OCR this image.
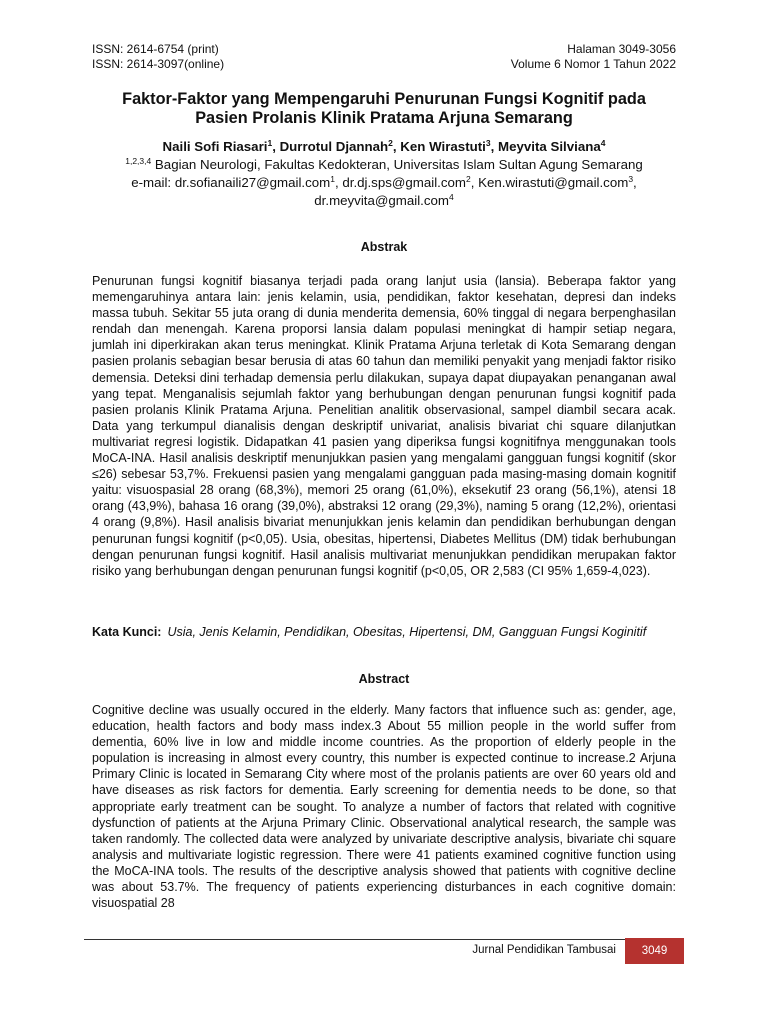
ISSN: 2614-6754 (print)
ISSN: 2614-3097(online)
Halaman 3049-3056
Volume 6 Nomor 1 Tahun 2022
Faktor-Faktor yang Mempengaruhi Penurunan Fungsi Kognitif pada
Pasien Prolanis Klinik Pratama Arjuna Semarang
Naili Sofi Riasari$^1$, Durrotul Djannah$^2$, Ken Wirastuti$^3$, Meyvita Silviana$^4$
$^{1,2,3,4}$ Bagian Neurologi, Fakultas Kedokteran, Universitas Islam Sultan Agung Semarang
e-mail: dr.sofianaili27@gmail.com$^1$, dr.dj.sps@gmail.com$^2$, Ken.wirastuti@gmail.com$^3$, dr.meyvita@gmail.com$^4$
Abstrak
Penurunan fungsi kognitif biasanya terjadi pada orang lanjut usia (lansia). Beberapa faktor yang memengaruhinya antara lain: jenis kelamin, usia, pendidikan, faktor kesehatan, depresi dan indeks massa tubuh. Sekitar 55 juta orang di dunia menderita demensia, 60% tinggal di negara berpenghasilan rendah dan menengah. Karena proporsi lansia dalam populasi meningkat di hampir setiap negara, jumlah ini diperkirakan akan terus meningkat. Klinik Pratama Arjuna terletak di Kota Semarang dengan pasien prolanis sebagian besar berusia di atas 60 tahun dan memiliki penyakit yang menjadi faktor risiko demensia. Deteksi dini terhadap demensia perlu dilakukan, supaya dapat diupayakan penanganan awal yang tepat. Menganalisis sejumlah faktor yang berhubungan dengan penurunan fungsi kognitif pada pasien prolanis Klinik Pratama Arjuna. Penelitian analitik observasional, sampel diambil secara acak. Data yang terkumpul dianalisis dengan deskriptif univariat, analisis bivariat chi square dilanjutkan multivariat regresi logistik. Didapatkan 41 pasien yang diperiksa fungsi kognitifnya menggunakan tools MoCA-INA. Hasil analisis deskriptif menunjukkan pasien yang mengalami gangguan fungsi kognitif (skor ≤26) sebesar 53,7%. Frekuensi pasien yang mengalami gangguan pada masing-masing domain kognitif yaitu: visuospasial 28 orang (68,3%), memori 25 orang (61,0%), eksekutif 23 orang (56,1%), atensi 18 orang (43,9%), bahasa 16 orang (39,0%), abstraksi 12 orang (29,3%), naming 5 orang (12,2%), orientasi 4 orang (9,8%). Hasil analisis bivariat menunjukkan jenis kelamin dan pendidikan berhubungan dengan penurunan fungsi kognitif (p<0,05). Usia, obesitas, hipertensi, Diabetes Mellitus (DM) tidak berhubungan dengan penurunan fungsi kognitif. Hasil analisis multivariat menunjukkan pendidikan merupakan faktor risiko yang berhubungan dengan penurunan fungsi kognitif (p<0,05, OR 2,583 (CI 95% 1,659-4,023).
Kata Kunci: Usia, Jenis Kelamin, Pendidikan, Obesitas, Hipertensi, DM, Gangguan Fungsi Koginitif
Abstract
Cognitive decline was usually occured in the elderly. Many factors that influence such as: gender, age, education, health factors and body mass index.3 About 55 million people in the world suffer from dementia, 60% live in low and middle income countries. As the proportion of elderly people in the population is increasing in almost every country, this number is expected continue to increase.2 Arjuna Primary Clinic is located in Semarang City where most of the prolanis patients are over 60 years old and have diseases as risk factors for dementia. Early screening for dementia needs to be done, so that appropriate early treatment can be sought. To analyze a number of factors that related with cognitive dysfunction of patients at the Arjuna Primary Clinic. Observational analytical research, the sample was taken randomly. The collected data were analyzed by univariate descriptive analysis, bivariate chi square analysis and multivariate logistic regression. There were 41 patients examined cognitive function using the MoCA-INA tools. The results of the descriptive analysis showed that patients with cognitive decline was about 53.7%. The frequency of patients experiencing disturbances in each cognitive domain: visuospatial 28
Jurnal Pendidikan Tambusai 3049
